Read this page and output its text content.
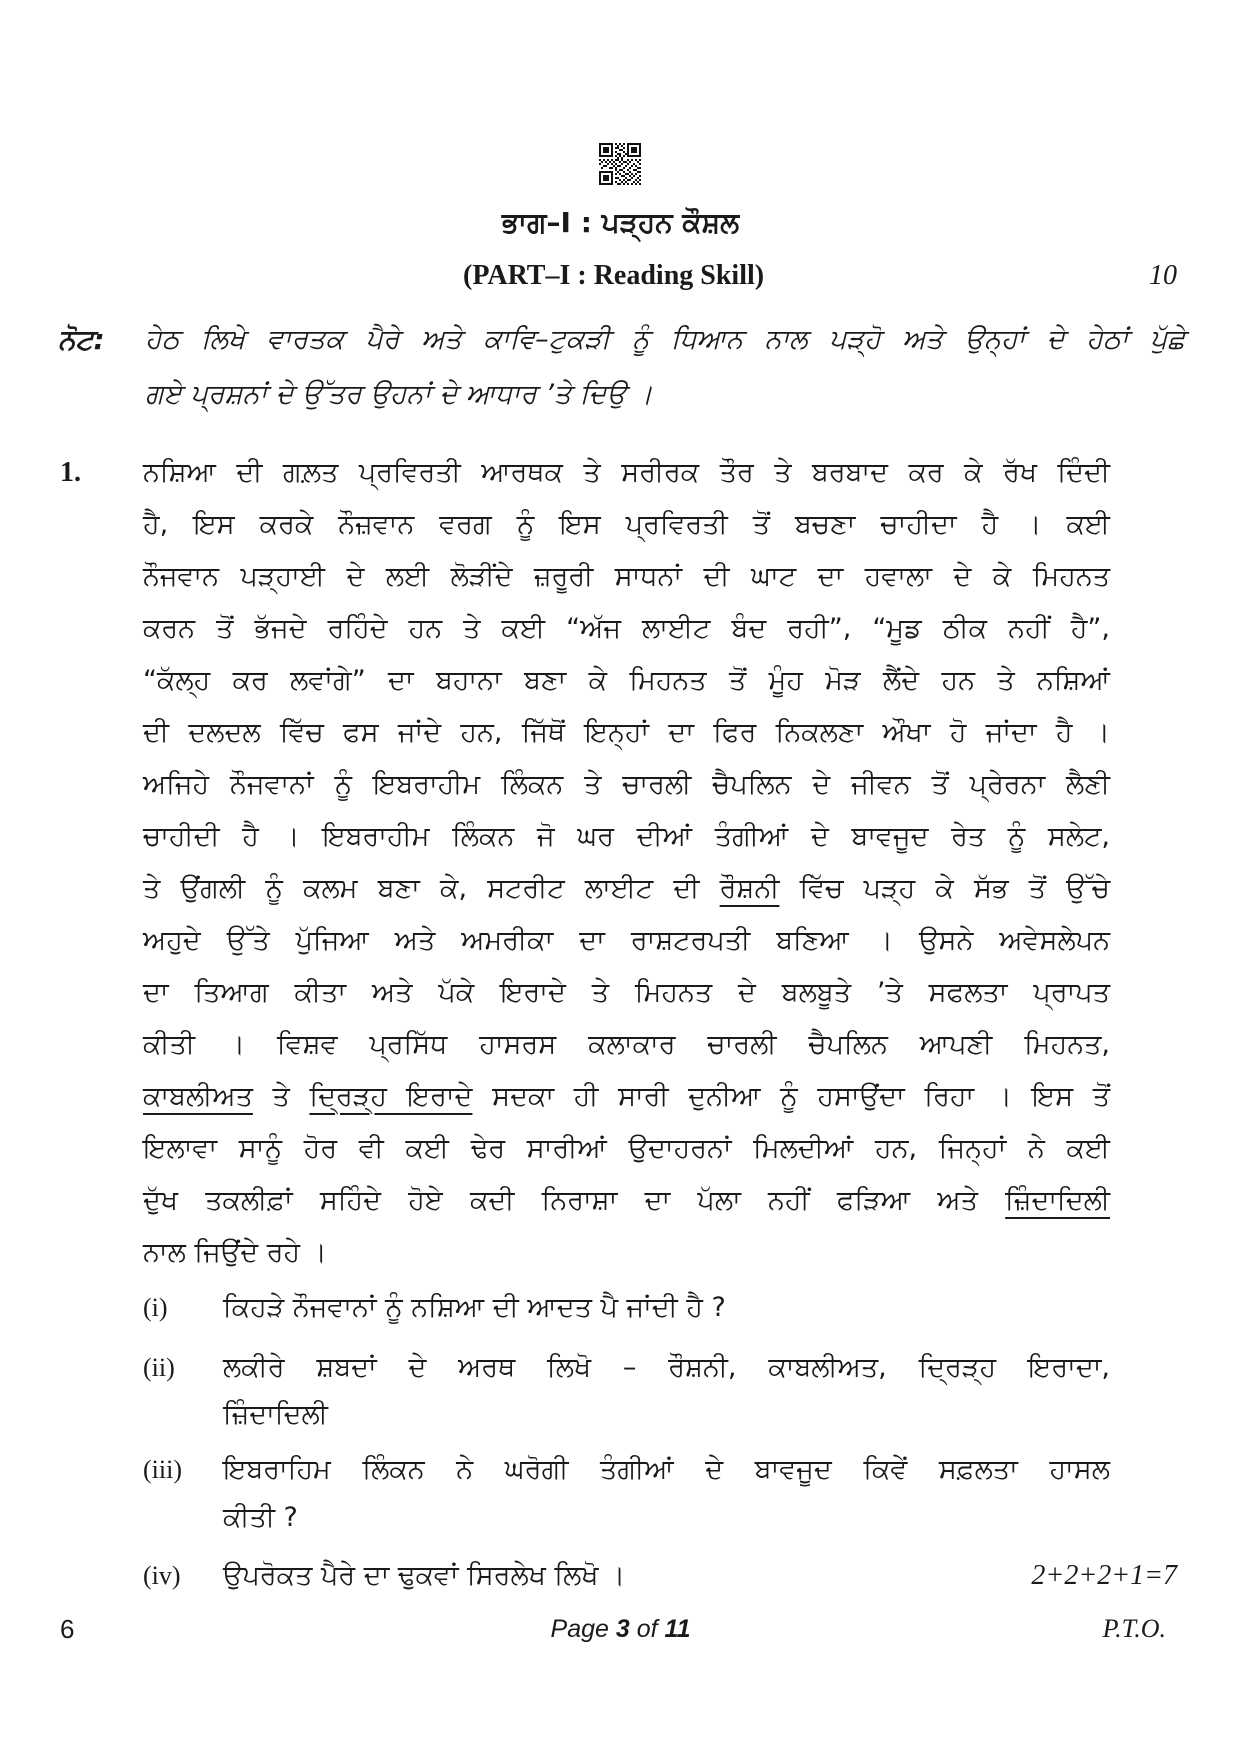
ਭਾਗ–I : ਪੜ੍ਹਨ ਕੌਸ਼ਲ
(PART–I : Reading Skill)	10
ਨੋਟ: ਹੇਠ ਲਿਖੇ ਵਾਰਤਕ ਪੈਰੇ ਅਤੇ ਕਾਵਿ–ਟੁਕੜੀ ਨੂੰ ਧਿਆਨ ਨਾਲ ਪੜ੍ਹੋ ਅਤੇ ਉਨ੍ਹਾਂ ਦੇ ਹੇਠਾਂ ਪੁੱਛੇ
ਗਏ ਪ੍ਰਸ਼ਨਾਂ ਦੇ ਉੱਤਰ ਉਹਨਾਂ ਦੇ ਆਧਾਰ ’ਤੇ ਦਿਉ ।
1. ਨਸ਼ਿਆ ਦੀ ਗਲ਼ਤ ਪ੍ਰਵਿਰਤੀ ਆਰਥਕ ਤੇ ਸਰੀਰਕ ਤੌਰ ਤੇ ਬਰਬਾਦ ਕਰ ਕੇ ਰੱਖ ਦਿੰਦੀ
ਹੈ, ਇਸ ਕਰਕੇ ਨੌਜ਼ਵਾਨ ਵਰਗ ਨੂੰ ਇਸ ਪ੍ਰਵਿਰਤੀ ਤੋਂ ਬਚਣਾ ਚਾਹੀਦਾ ਹੈ । ਕਈ
ਨੌਜਵਾਨ ਪੜ੍ਹਾਈ ਦੇ ਲਈ ਲੋੜੀਂਦੇ ਜ਼ਰੂਰੀ ਸਾਧਨਾਂ ਦੀ ਘਾਟ ਦਾ ਹਵਾਲਾ ਦੇ ਕੇ ਮਿਹਨਤ
ਕਰਨ ਤੋਂ ਭੱਜਦੇ ਰਹਿੰਦੇ ਹਨ ਤੇ ਕਈ “ਅੱਜ ਲਾਈਟ ਬੰਦ ਰਹੀ”, “ਮੂਡ ਠੀਕ ਨਹੀਂ ਹੈ”,
“ਕੱਲ੍ਹ ਕਰ ਲਵਾਂਗੇ” ਦਾ ਬਹਾਨਾ ਬਣਾ ਕੇ ਮਿਹਨਤ ਤੋਂ ਮੂੰਹ ਮੋੜ ਲੈਂਦੇ ਹਨ ਤੇ ਨਸ਼ਿਆਂ
ਦੀ ਦਲਦਲ ਵਿੱਚ ਫਸ ਜਾਂਦੇ ਹਨ, ਜਿੱਥੋਂ ਇਨ੍ਹਾਂ ਦਾ ਫਿਰ ਨਿਕਲਣਾ ਔਖਾ ਹੋ ਜਾਂਦਾ ਹੈ ।
ਅਜਿਹੇ ਨੌਜਵਾਨਾਂ ਨੂੰ ਇਬਰਾਹੀਮ ਲਿੰਕਨ ਤੇ ਚਾਰਲੀ ਚੈਪਲਿਨ ਦੇ ਜੀਵਨ ਤੋਂ ਪ੍ਰੇਰਨਾ ਲੈਣੀ
ਚਾਹੀਦੀ ਹੈ । ਇਬਰਾਹੀਮ ਲਿੰਕਨ ਜੋ ਘਰ ਦੀਆਂ ਤੰਗੀਆਂ ਦੇ ਬਾਵਜੂਦ ਰੇਤ ਨੂੰ ਸਲੇਟ,
ਤੇ ਉਂਗਲੀ ਨੂੰ ਕਲਮ ਬਣਾ ਕੇ, ਸਟਰੀਟ ਲਾਈਟ ਦੀ ਰੌਸ਼ਨੀ ਵਿੱਚ ਪੜ੍ਹ ਕੇ ਸੱਭ ਤੋਂ ਉੱਚੇ
ਅਹੁਦੇ ਉੱਤੇ ਪੁੱਜਿਆ ਅਤੇ ਅਮਰੀਕਾ ਦਾ ਰਾਸ਼ਟਰਪਤੀ ਬਣਿਆ । ਉਸਨੇ ਅਵੇਸਲੇਪਨ
ਦਾ ਤਿਆਗ ਕੀਤਾ ਅਤੇ ਪੱਕੇ ਇਰਾਦੇ ਤੇ ਮਿਹਨਤ ਦੇ ਬਲਬੂਤੇ ’ਤੇ ਸਫਲਤਾ ਪ੍ਰਾਪਤ
ਕੀਤੀ । ਵਿਸ਼ਵ ਪ੍ਰਸਿੱਧ ਹਾਸਰਸ ਕਲਾਕਾਰ ਚਾਰਲੀ ਚੈਪਲਿਨ ਆਪਣੀ ਮਿਹਨਤ,
ਕਾਬਲੀਅਤ ਤੇ ਦ੍ਰਿੜ੍ਹ ਇਰਾਦੇ ਸਦਕਾ ਹੀ ਸਾਰੀ ਦੁਨੀਆ ਨੂੰ ਹਸਾਉਂਦਾ ਰਿਹਾ । ਇਸ ਤੋਂ
ਇਲਾਵਾ ਸਾਨੂੰ ਹੋਰ ਵੀ ਕਈ ਢੇਰ ਸਾਰੀਆਂ ਉਦਾਹਰਨਾਂ ਮਿਲਦੀਆਂ ਹਨ, ਜਿਨ੍ਹਾਂ ਨੇ ਕਈ
ਦੁੱਖ ਤਕਲੀਫ਼ਾਂ ਸਹਿੰਦੇ ਹੋਏ ਕਦੀ ਨਿਰਾਸ਼ਾ ਦਾ ਪੱਲਾ ਨਹੀਂ ਫੜਿਆ ਅਤੇ ਜ਼ਿੰਦਾਦਿਲੀ
ਨਾਲ ਜਿਉਂਦੇ ਰਹੇ ।
(i) ਕਿਹੜੇ ਨੌਜਵਾਨਾਂ ਨੂੰ ਨਸ਼ਿਆ ਦੀ ਆਦਤ ਪੈ ਜਾਂਦੀ ਹੈ ?
(ii) ਲਕੀਰੇ ਸ਼ਬਦਾਂ ਦੇ ਅਰਥ ਲਿਖੋ – ਰੌਸ਼ਨੀ, ਕਾਬਲੀਅਤ, ਦ੍ਰਿੜ੍ਹ ਇਰਾਦਾ,
ਜ਼ਿੰਦਾਦਿਲੀ
(iii) ਇਬਰਾਹਿਮ ਲਿੰਕਨ ਨੇ ਘਰੋਗੀ ਤੰਗੀਆਂ ਦੇ ਬਾਵਜੂਦ ਕਿਵੇਂ ਸਫ਼ਲਤਾ ਹਾਸਲ
ਕੀਤੀ ?
(iv) ਉਪਰੋਕਤ ਪੈਰੇ ਦਾ ਢੁਕਵਾਂ ਸਿਰਲੇਖ ਲਿਖੋ ।	2+2+2+1=7
6	Page 3 of 11	P.T.O.
